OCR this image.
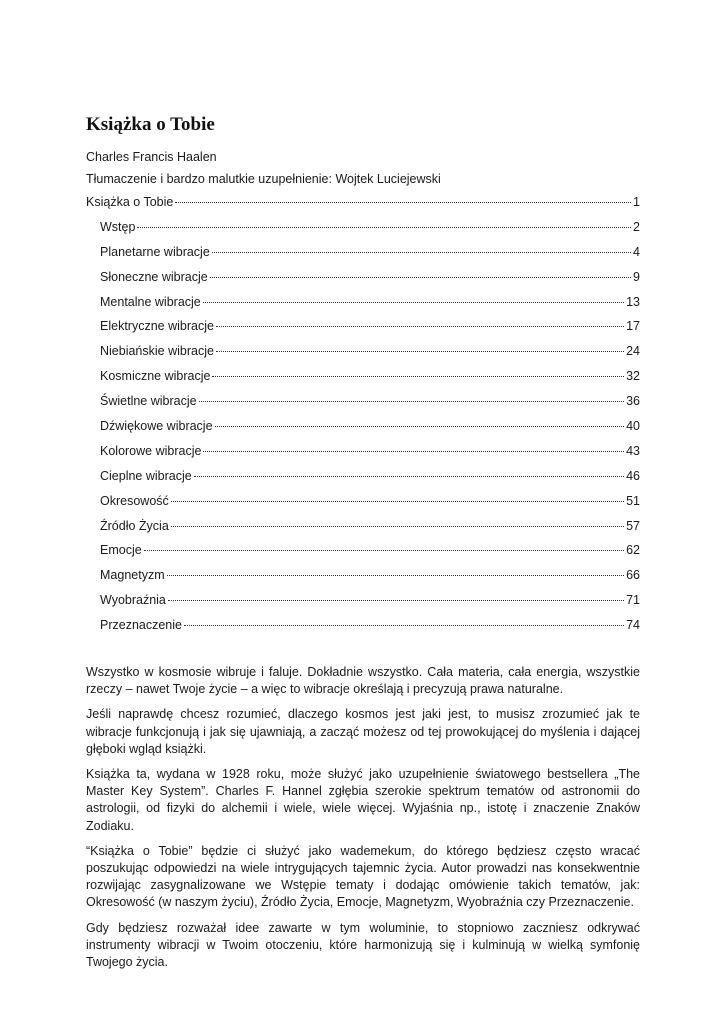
Książka o Tobie
Charles Francis Haalen
Tłumaczenie i bardzo malutkie uzupełnienie: Wojtek Luciejewski
Książka o Tobie	1
Wstęp	2
Planetarne wibracje	4
Słoneczne wibracje	9
Mentalne wibracje	13
Elektryczne wibracje	17
Niebiańskie wibracje	24
Kosmiczne wibracje	32
Świetlne wibracje	36
Dźwiękowe wibracje	40
Kolorowe wibracje	43
Cieplne wibracje	46
Okresowość	51
Źródło Życia	57
Emocje	62
Magnetyzm	66
Wyobraźnia	71
Przeznaczenie	74

Wszystko w kosmosie wibruje i faluje. Dokładnie wszystko. Cała materia, cała energia, wszystkie rzeczy – nawet Twoje życie – a więc to wibracje określają i precyzują prawa naturalne.

Jeśli naprawdę chcesz rozumieć, dlaczego kosmos jest jaki jest, to musisz zrozumieć jak te wibracje funkcjonują i jak się ujawniają, a zacząć możesz od tej prowokującej do myślenia i dającej głęboki wgląd książki.

Książka ta, wydana w 1928 roku, może służyć jako uzupełnienie światowego bestsellera „The Master Key System”. Charles F. Hannel zgłębia szerokie spektrum tematów od astronomii do astrologii, od fizyki do alchemii i wiele, wiele więcej. Wyjaśnia np., istotę i znaczenie Znaków Zodiaku.

“Książka o Tobie” będzie ci służyć jako wademekum, do którego będziesz często wracać poszukując odpowiedzi na wiele intrygujących tajemnic życia. Autor prowadzi nas konsekwentnie rozwijając zasygnalizowane we Wstępie tematy i dodając omówienie takich tematów, jak: Okresowość (w naszym życiu), Źródło Życia, Emocje, Magnetyzm, Wyobraźnia czy Przeznaczenie.

Gdy będziesz rozważał idee zawarte w tym woluminie, to stopniowo zaczniesz odkrywać instrumenty wibracji w Twoim otoczeniu, które harmonizują się i kulminują w wielką symfonię Twojego życia.
